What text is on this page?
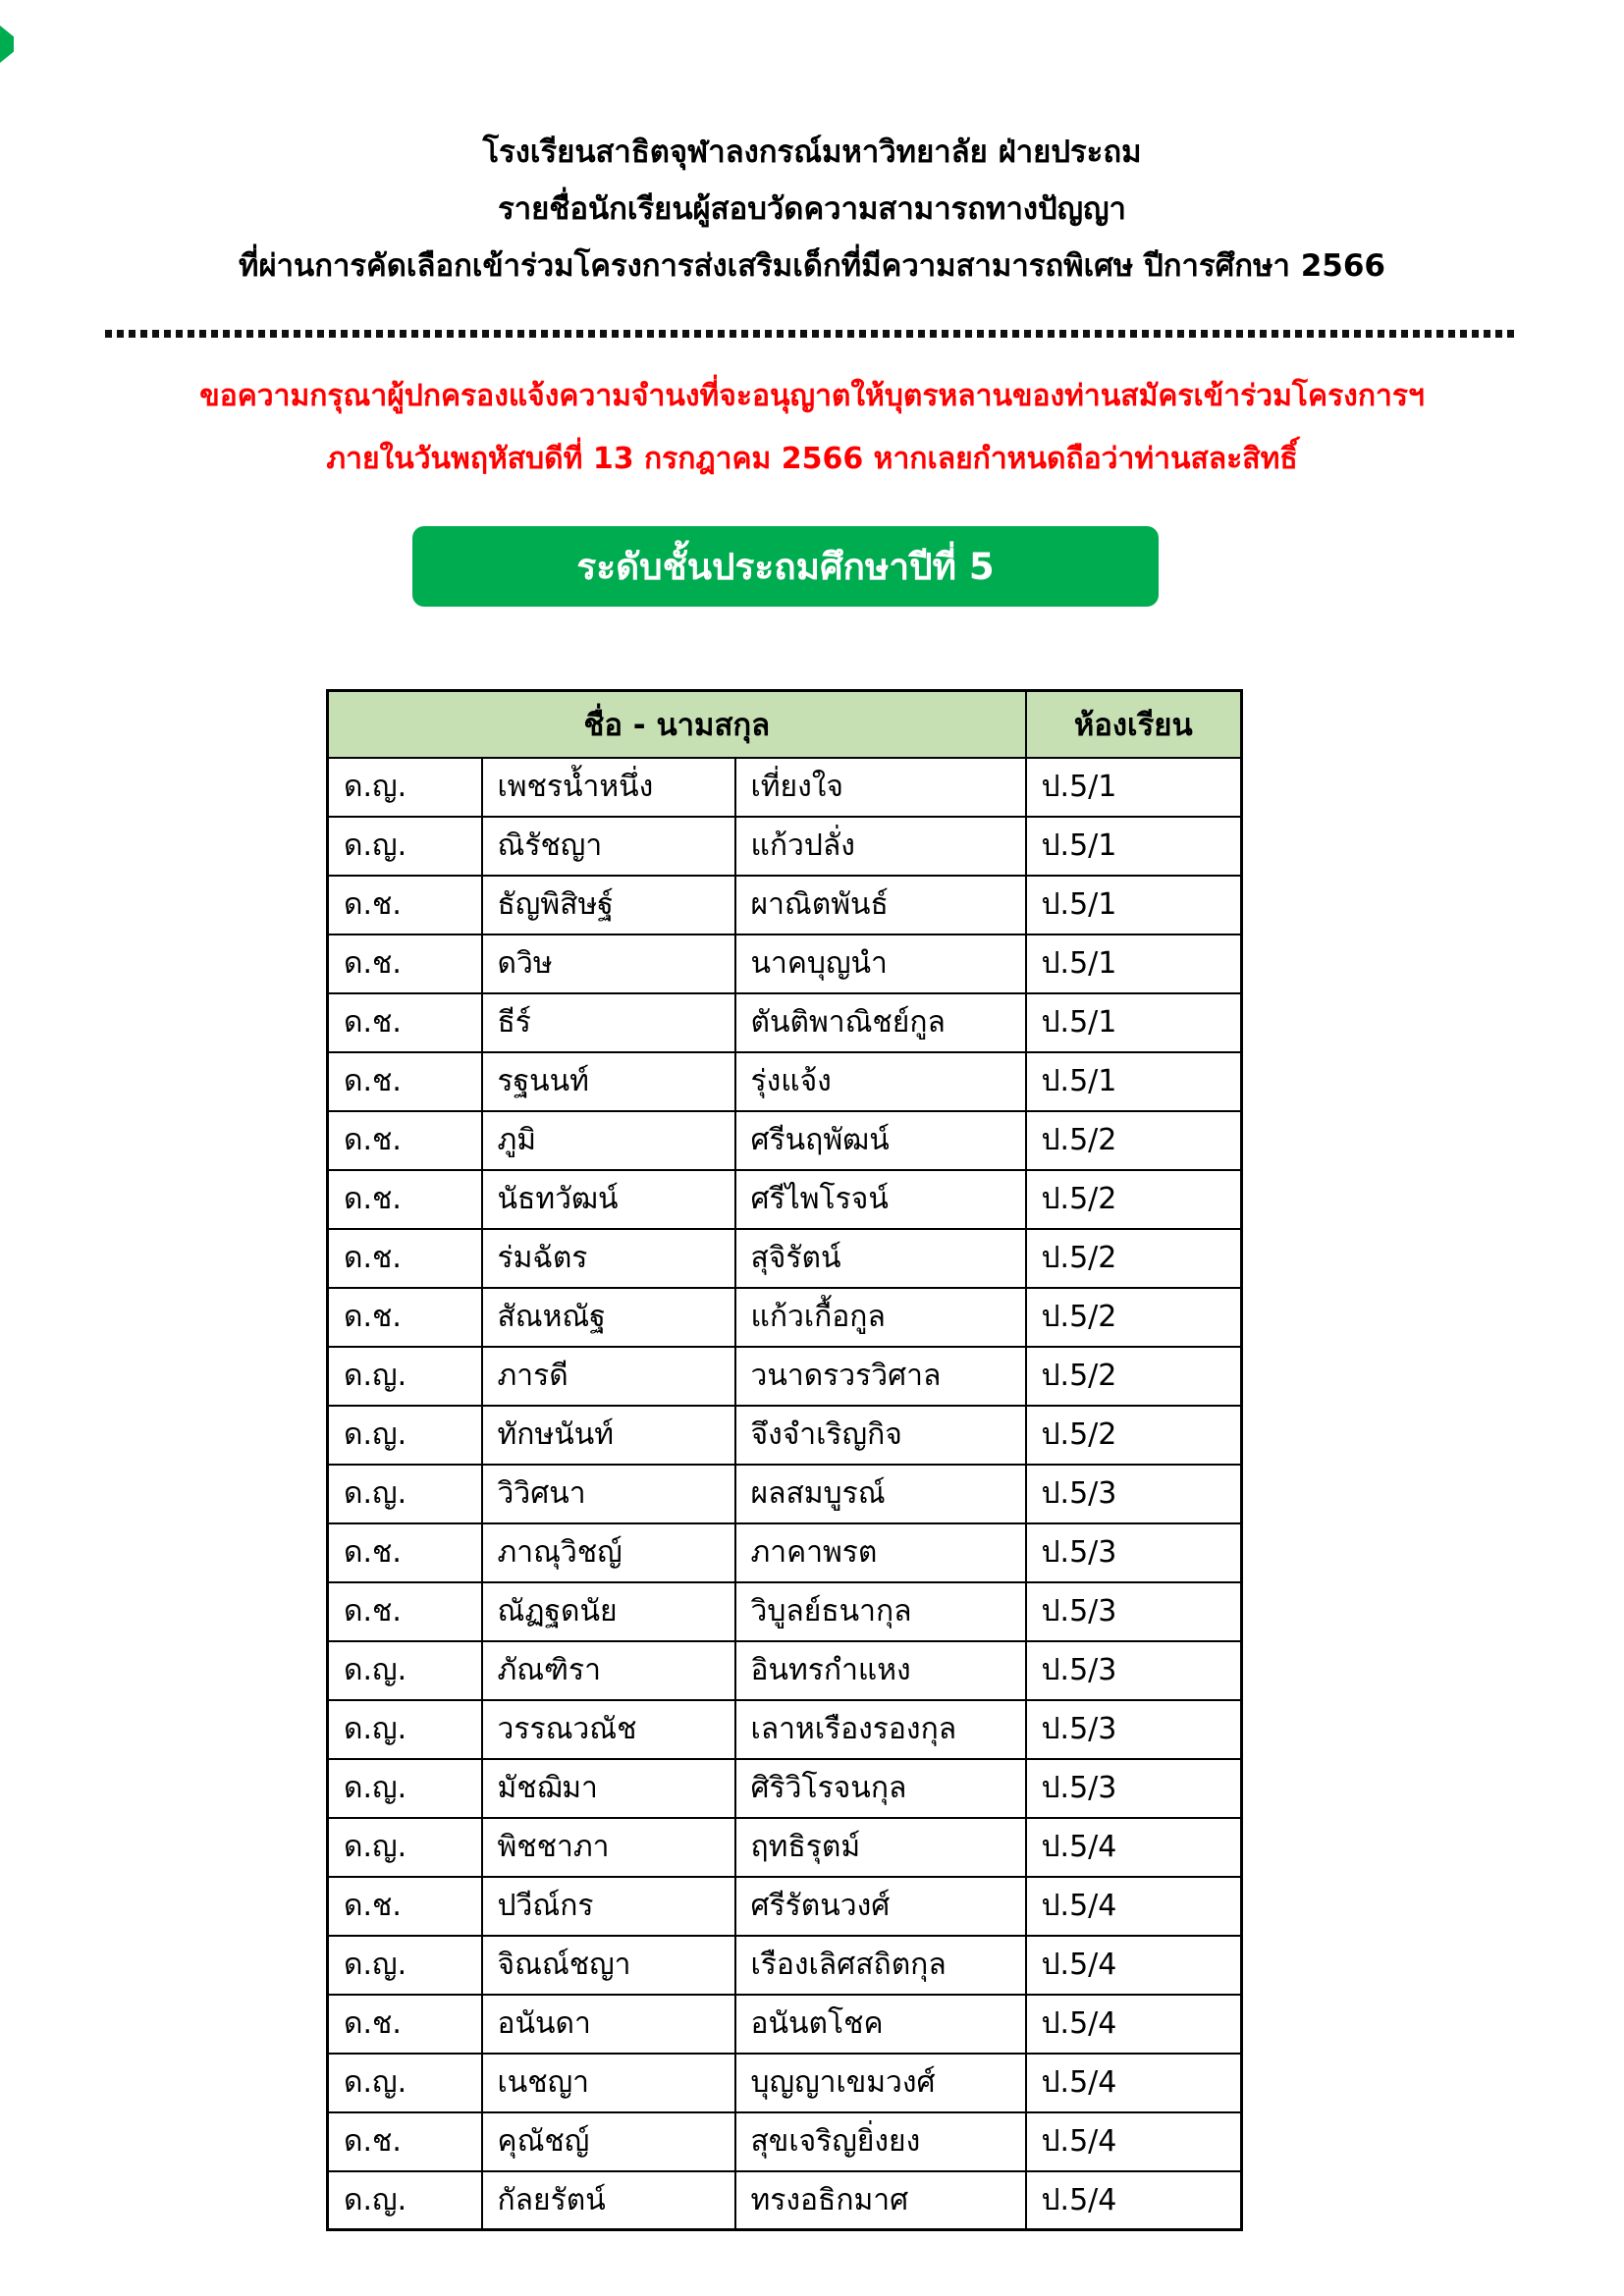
โรงเรียนสาธิตจุฬาลงกรณ์มหาวิทยาลัย ฝ่ายประถม
รายชื่อนักเรียนผู้สอบวัดความสามารถทางปัญญา
ที่ผ่านการคัดเลือกเข้าร่วมโครงการส่งเสริมเด็กที่มีความสามารถพิเศษ ปีการศึกษา 2566
ขอความกรุณาผู้ปกครองแจ้งความจำนงที่จะอนุญาตให้บุตรหลานของท่านสมัครเข้าร่วมโครงการฯ
ภายในวันพฤหัสบดีที่ 13 กรกฎาคม 2566 หากเลยกำหนดถือว่าท่านสละสิทธิ์
ระดับชั้นประถมศึกษาปีที่ 5
ชื่อ - นามสกุล			ห้องเรียน
ด.ญ.	เพชรน้ำหนึ่ง	เที่ยงใจ	ป.5/1
ด.ญ.	ณิรัชญา	แก้วปลั่ง	ป.5/1
ด.ช.	ธัญพิสิษฐ์	ผาณิตพันธ์	ป.5/1
ด.ช.	ดวิษ	นาคบุญนำ	ป.5/1
ด.ช.	ธีร์	ตันติพาณิชย์กูล	ป.5/1
ด.ช.	รฐนนท์	รุ่งแจ้ง	ป.5/1
ด.ช.	ภูมิ	ศรีนฤพัฒน์	ป.5/2
ด.ช.	นัธทวัฒน์	ศรีไพโรจน์	ป.5/2
ด.ช.	ร่มฉัตร	สุจิรัตน์	ป.5/2
ด.ช.	สัณหณัฐ	แก้วเกื้อกูล	ป.5/2
ด.ญ.	ภารดี	วนาดรวรวิศาล	ป.5/2
ด.ญ.	ทักษนันท์	จึงจำเริญกิจ	ป.5/2
ด.ญ.	วิวิศนา	ผลสมบูรณ์	ป.5/3
ด.ช.	ภาณุวิชญ์	ภาคาพรต	ป.5/3
ด.ช.	ณัฏฐดนัย	วิบูลย์ธนากุล	ป.5/3
ด.ญ.	ภัณฑิรา	อินทรกำแหง	ป.5/3
ด.ญ.	วรรณวณัช	เลาหเรืองรองกุล	ป.5/3
ด.ญ.	มัชฌิมา	ศิริวิโรจนกุล	ป.5/3
ด.ญ.	พิชชาภา	ฤทธิรุตม์	ป.5/4
ด.ช.	ปวีณ์กร	ศรีรัตนวงศ์	ป.5/4
ด.ญ.	จิณณ์ชญา	เรืองเลิศสถิตกุล	ป.5/4
ด.ช.	อนันดา	อนันตโชค	ป.5/4
ด.ญ.	เนชญา	บุญญาเขมวงศ์	ป.5/4
ด.ช.	คุณัชญ์	สุขเจริญยิ่งยง	ป.5/4
ด.ญ.	กัลยรัตน์	ทรงอธิกมาศ	ป.5/4
